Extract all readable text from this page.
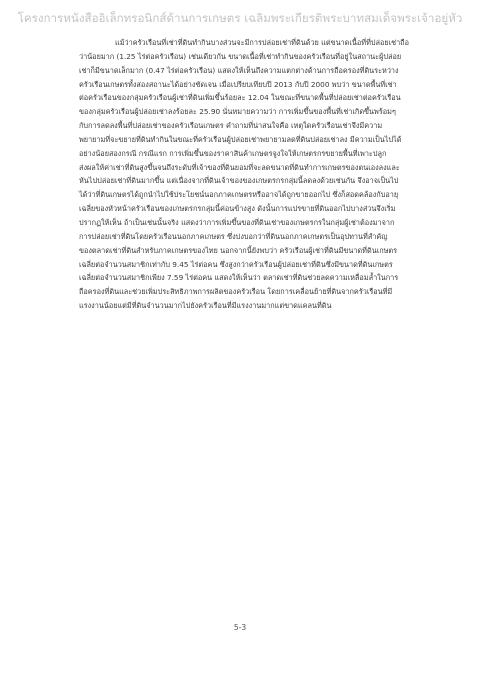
โครงการหนังสืออิเล็กทรอนิกส์ด้านการเกษตร เฉลิมพระเกียรติพระบาทสมเด็จพระเจ้าอยู่หัว
แม้ว่าครัวเรือนที่เช่าที่ดินทำกินบางส่วนจะมีการปล่อยเช่าที่ดินด้วย แต่ขนาดเนื้อที่ที่ปล่อยเช่าถือ
ว่าน้อยมาก (1.25 ไร่ต่อครัวเรือน) เช่นเดียวกัน ขนาดเนื้อที่เช่าทำกินของครัวเรือนที่อยู่ในสถานะผู้ปล่อย
เช่าก็มีขนาดเล็กมาก (0.47 ไร่ต่อครัวเรือน) แสดงให้เห็นถึงความแตกต่างด้านการถือครองที่ดินระหว่าง
ครัวเรือนเกษตรทั้งสองสถานะได้อย่างชัดเจน เมื่อเปรียบเทียบปี 2013 กับปี 2000 พบว่า ขนาดพื้นที่เช่า
ต่อครัวเรือนของกลุ่มครัวเรือนผู้เช่าที่ดินเพิ่มขึ้นร้อยละ 12.04 ในขณะที่ขนาดพื้นที่ปล่อยเช่าต่อครัวเรือน
ของกลุ่มครัวเรือนผู้ปล่อยเช่าลงร้อยละ 25.90 นั่นหมายความว่า การเพิ่มขึ้นของพื้นที่เช่าเกิดขึ้นพร้อมๆ
กับการลดลงพื้นที่ปล่อยเช่าของครัวเรือนเกษตร คำถามที่น่าสนใจคือ เหตุใดครัวเรือนเช่าจึงมีความ
พยายามที่จะขยายที่ดินทำกินในขณะที่ครัวเรือนผู้ปล่อยเช่าพยายามลดที่ดินปล่อยเช่าลง มีความเป็นไปได้
อย่างน้อยสองกรณี กรณีแรก การเพิ่มขึ้นของราคาสินค้าเกษตรจูงใจให้เกษตรกรขยายพื้นที่เพาะปลูก
ส่งผลให้ค่าเช่าที่ดินสูงขึ้นจนถึงระดับที่เจ้าของที่ดินยอมที่จะลดขนาดที่ดินทำการเกษตรของตนเองลงและ
หันไปปล่อยเช่าที่ดินมากขึ้น แต่เนื่องจากที่ดินเจ้าของของเกษตรกรกลุ่มนี้ลดลงด้วยเช่นกัน จึงอาจเป็นไป
ได้ว่าที่ดินเกษตรได้ถูกนำไปใช้ประโยชน์นอกภาคเกษตรหรืออาจได้ถูกขายออกไป ซึ่งก็สอดคล้องกับอายุ
เฉลี่ยของหัวหน้าครัวเรือนของเกษตรกรกลุ่มนี้ค่อนข้างสูง ดังนั้นการแปรขายที่ดินออกไปบางส่วนจึงเริ่ม
ปรากฏให้เห็น ถ้าเป็นเช่นนั้นจริง แสดงว่าการเพิ่มขึ้นของที่ดินเช่าของเกษตรกรในกลุ่มผู้เช่าต้องมาจาก
การปล่อยเช่าที่ดินโดยครัวเรือนนอกภาคเกษตร ซึ่งบ่งบอกว่าที่ดินนอกภาคเกษตรเป็นอุปทานที่สำคัญ
ของตลาดเช่าที่ดินสำหรับภาคเกษตรของไทย นอกจากนี้ยังพบว่า ครัวเรือนผู้เช่าที่ดินมีขนาดที่ดินเกษตร
เฉลี่ยต่อจำนวนสมาชิกเท่ากับ 9.45 ไร่ต่อคน ซึ่งสูงกว่าครัวเรือนผู้ปล่อยเช่าที่ดินซึ่งมีขนาดที่ดินเกษตร
เฉลี่ยต่อจำนวนสมาชิกเพียง 7.59 ไร่ต่อคน แสดงให้เห็นว่า ตลาดเช่าที่ดินช่วยลดความเหลื่อมล้ำในการ
ถือครองที่ดินและช่วยเพิ่มประสิทธิภาพการผลิตของครัวเรือน โดยการเคลื่อนย้ายที่ดินจากครัวเรือนที่มี
แรงงานน้อยแต่มีที่ดินจำนวนมากไปยังครัวเรือนที่มีแรงงานมากแต่ขาดแคลนที่ดิน
5-3
